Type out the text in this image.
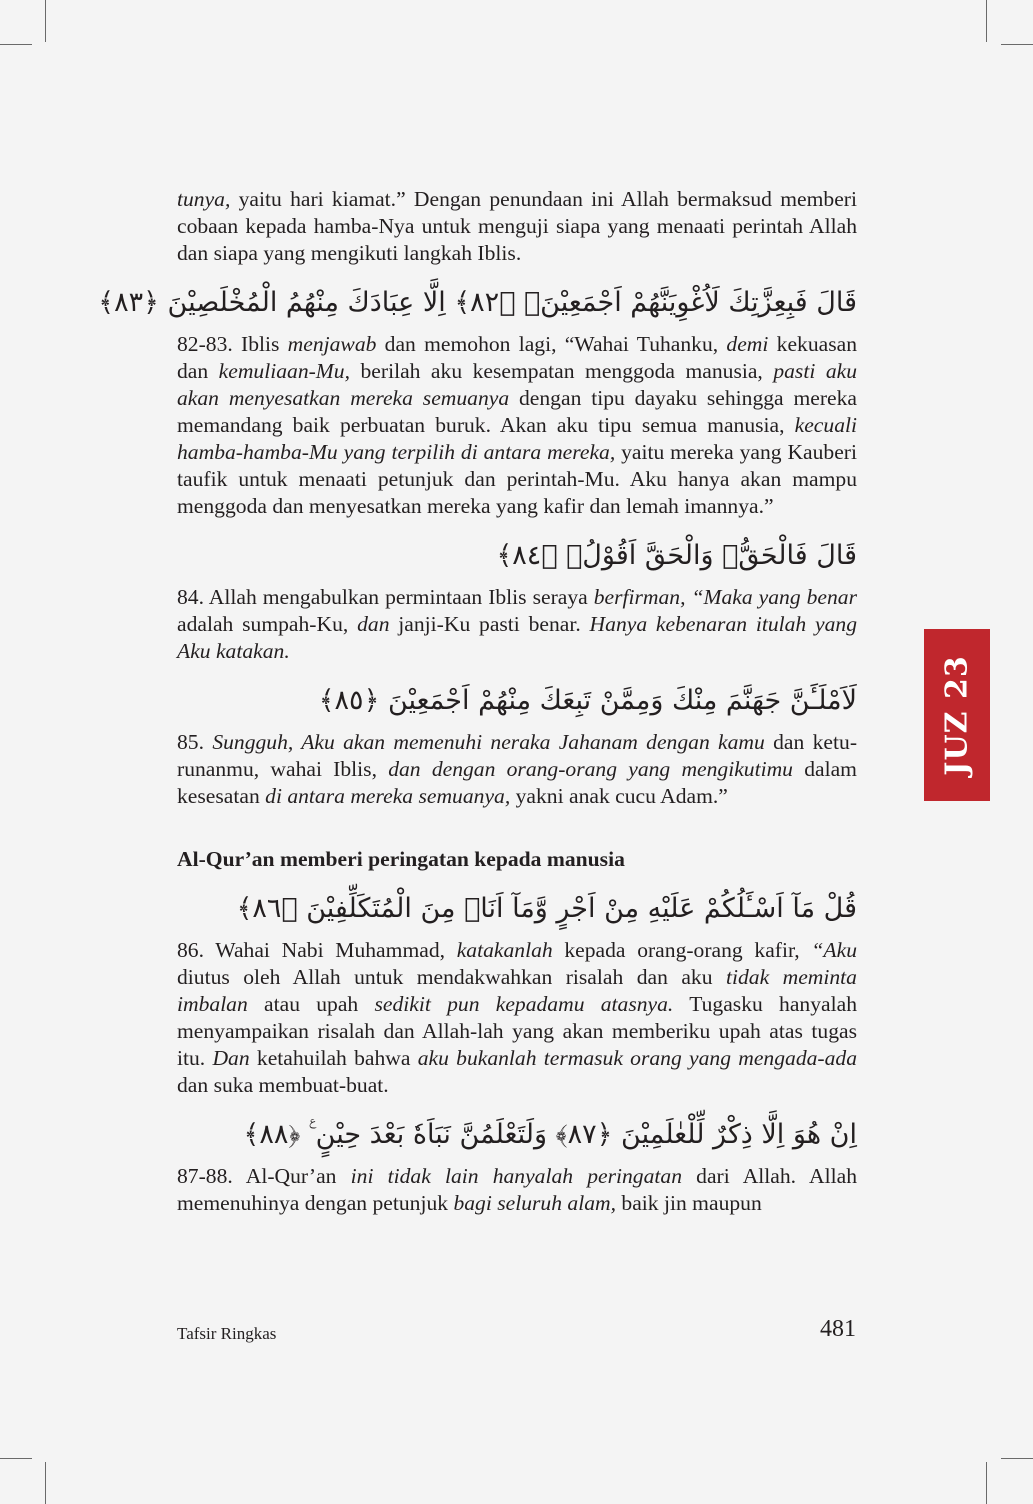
tunya, yaitu hari kiamat.” Dengan penundaan ini Allah bermaksud memberi cobaan kepada hamba-Nya untuk menguji siapa yang menaati perintah Allah dan siapa yang mengikuti langkah Iblis.

قَالَ فَبِعِزَّتِكَ لَاُغْوِيَنَّهُمْ اَجْمَعِيْنَۙ ﴿٨٢﴾ اِلَّا عِبَادَكَ مِنْهُمُ الْمُخْلَصِيْنَ ﴿٨٣﴾

82-83. Iblis menjawab dan memohon lagi, “Wahai Tuhanku, demi kekuasan dan kemuliaan-Mu, berilah aku kesempatan menggoda manusia, pasti aku akan menyesatkan mereka semuanya dengan tipu dayaku sehingga mereka memandang baik perbuatan buruk. Akan aku tipu semua manusia, kecuali hamba-hamba-Mu yang terpilih di antara mereka, yaitu mereka yang Kauberi taufik untuk menaati petunjuk dan perintah-Mu. Aku hanya akan mampu menggoda dan menyesatkan mereka yang kafir dan lemah imannya.”

قَالَ فَالْحَقُّۖ وَالْحَقَّ اَقُوْلُۚ ﴿٨٤﴾

84. Allah mengabulkan permintaan Iblis seraya berfirman, “Maka yang benar adalah sumpah-Ku, dan janji-Ku pasti benar. Hanya kebenaran itulah yang Aku katakan.

لَاَمْلَـَٔنَّ جَهَنَّمَ مِنْكَ وَمِمَّنْ تَبِعَكَ مِنْهُمْ اَجْمَعِيْنَ ﴿٨٥﴾

85. Sungguh, Aku akan memenuhi neraka Jahanam dengan kamu dan keturunanmu, wahai Iblis, dan dengan orang-orang yang mengikutimu dalam kesesatan di antara mereka semuanya, yakni anak cucu Adam.”

Al-Qur’an memberi peringatan kepada manusia
قُلْ مَآ اَسْـَٔلُكُمْ عَلَيْهِ مِنْ اَجْرٍ وَّمَآ اَنَا۠ مِنَ الْمُتَكَلِّفِيْنَ ﴿٨٦﴾

86. Wahai Nabi Muhammad, katakanlah kepada orang-orang kafir, “Aku diutus oleh Allah untuk mendakwahkan risalah dan aku tidak meminta imbalan atau upah sedikit pun kepadamu atasnya. Tugasku hanyalah menyampaikan risalah dan Allah-lah yang akan memberiku upah atas tugas itu. Dan ketahuilah bahwa aku bukanlah termasuk orang yang mengada-ada dan suka membuat-buat.

اِنْ هُوَ اِلَّا ذِكْرٌ لِّلْعٰلَمِيْنَ ﴿٨٧﴾ وَلَتَعْلَمُنَّ نَبَاَهٗ بَعْدَ حِيْنٍ ࣖ ﴿٨٨﴾

87-88. Al-Qur’an ini tidak lain hanyalah peringatan dari Allah. Allah memenuhinya dengan petunjuk bagi seluruh alam, baik jin maupun

JUZ 23
Tafsir Ringkas	481
